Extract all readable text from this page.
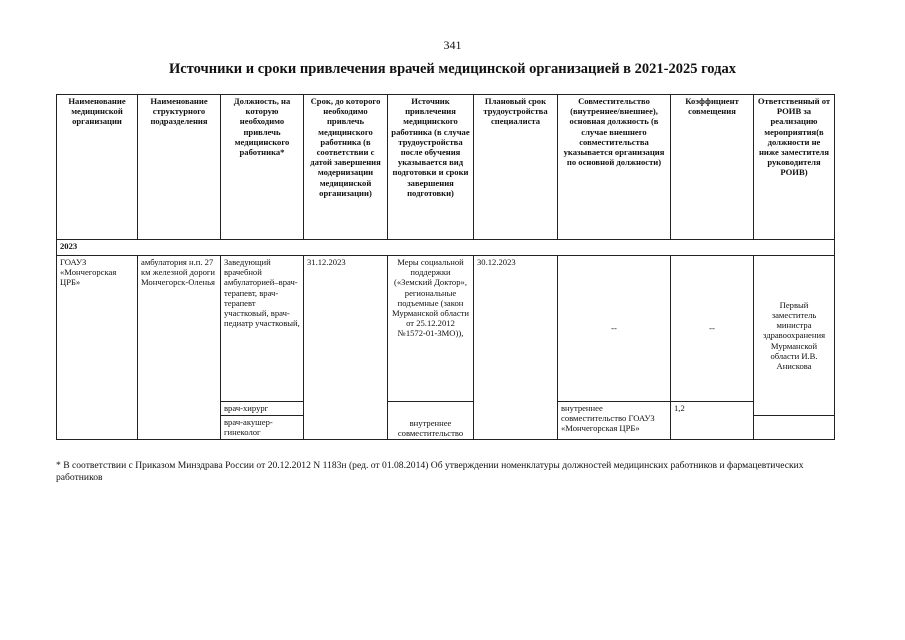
341
Источники и сроки привлечения врачей медицинской организацией в 2021-2025 годах
Наименование медицинской организации	Наименование структурного подразделения	Должность, на которую необходимо привлечь медицинского работника*	Срок, до которого необходимо привлечь медицинского работника (в соответствии с датой завершения модернизации медицинской организации)	Источник привлечения медицинского работника (в случае трудоустройства после обучения указывается вид подготовки и сроки завершения подготовки)	Плановый срок трудоустройства специалиста	Совместительство (внутреннее/внешнее), основная должность (в случае внешнего совместительства указывается организация по основной должности)	Коэффициент совмещения	Ответственный от РОИВ за реализацию мероприятия(в должности не ниже заместителя руководителя РОИВ)
2023								
ГОАУЗ «Мончегорская ЦРБ»	амбулатория н.п. 27 км железной дороги Мончегорск-Оленья	Заведующий врачебной амбулаторией–врач-терапевт, врач-терапевт участковый, врач-педиатр участковый,	31.12.2023	Меры социальной поддержки («Земский Доктор», региональные подъемные (закон Мурманской области от 25.12.2012 №1572-01-ЗМО)),	30.12.2023	--	--	Первый заместитель министра здравоохранения Мурманской области И.В. Анискова
		врач-хирург		внутреннее совместительство		внутреннее совместительство ГОАУЗ «Мончегорская ЦРБ»	1,2	
		врач-акушер-гинеколог						
* В соответствии с Приказом Минздрава России от 20.12.2012 N 1183н (ред. от 01.08.2014) Об утверждении номенклатуры должностей медицинских работников и фармацевтических работников
